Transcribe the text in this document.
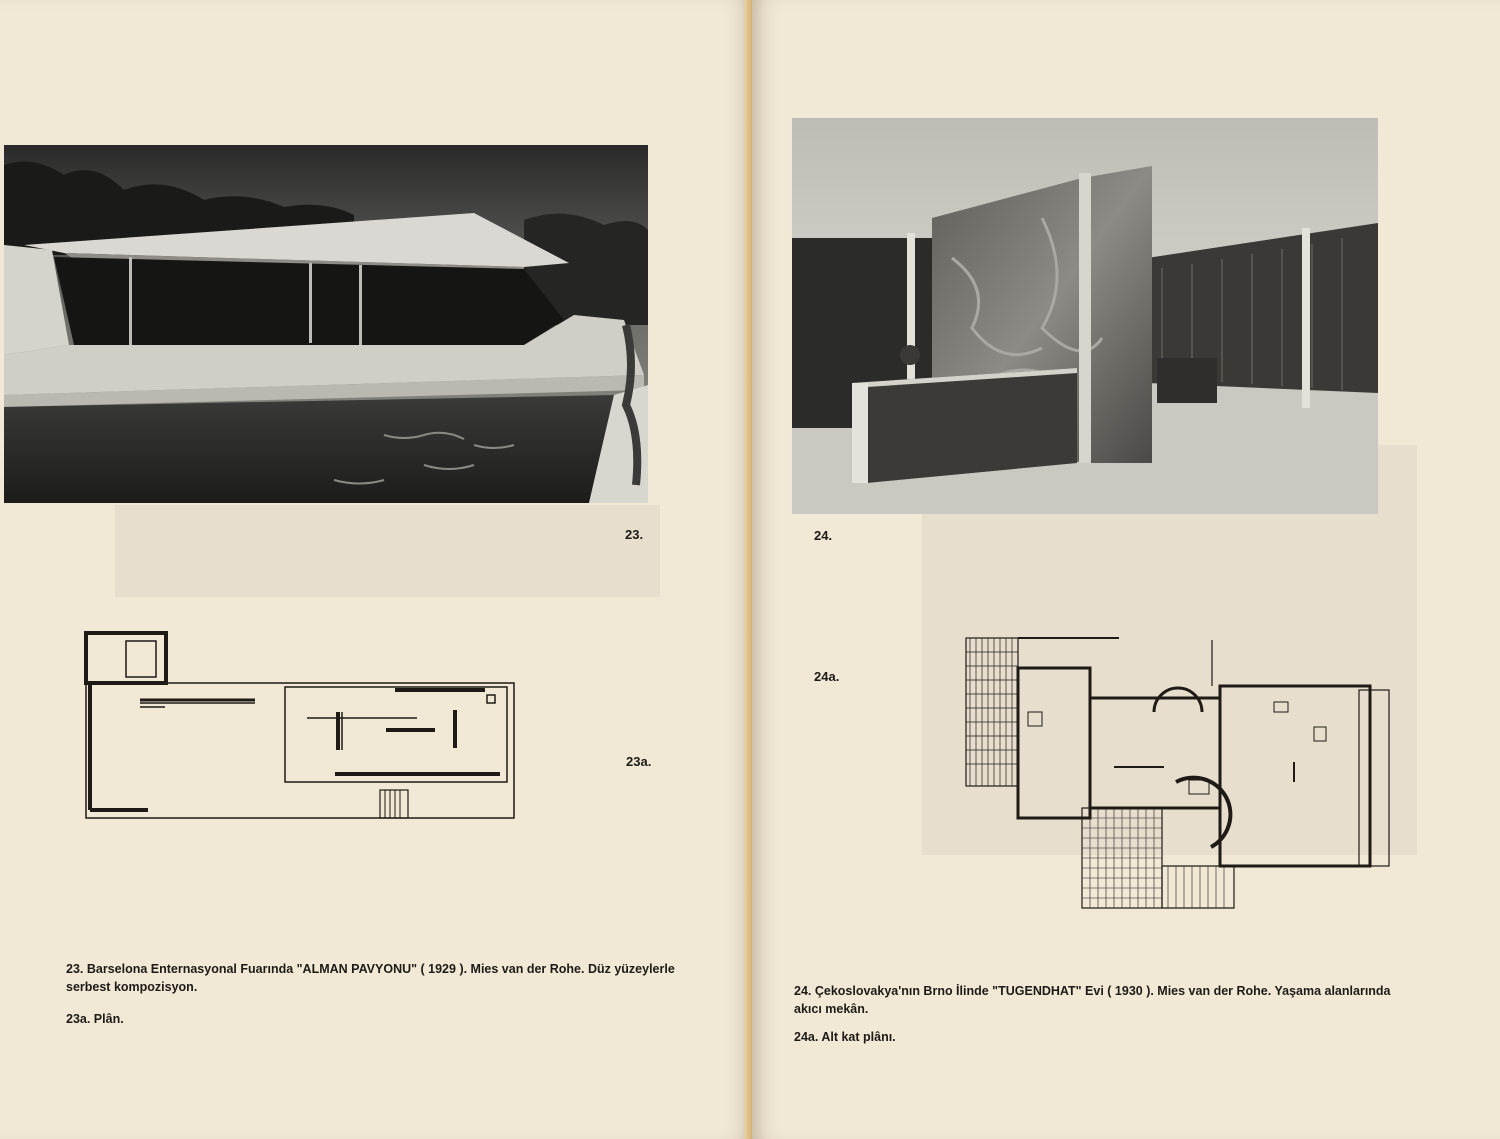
23.
23a.
23. Barselona Enternasyonal Fuarında "ALMAN PAVYONU" ( 1929 ). Mies van der Rohe. Düz yüzeylerle serbest kompozisyon.
23a. Plân.
24.
24a.
24. Çekoslovakya'nın Brno İlinde "TUGENDHAT" Evi ( 1930 ). Mies van der Rohe. Yaşama alanlarında akıcı mekân.
24a. Alt kat plânı.
